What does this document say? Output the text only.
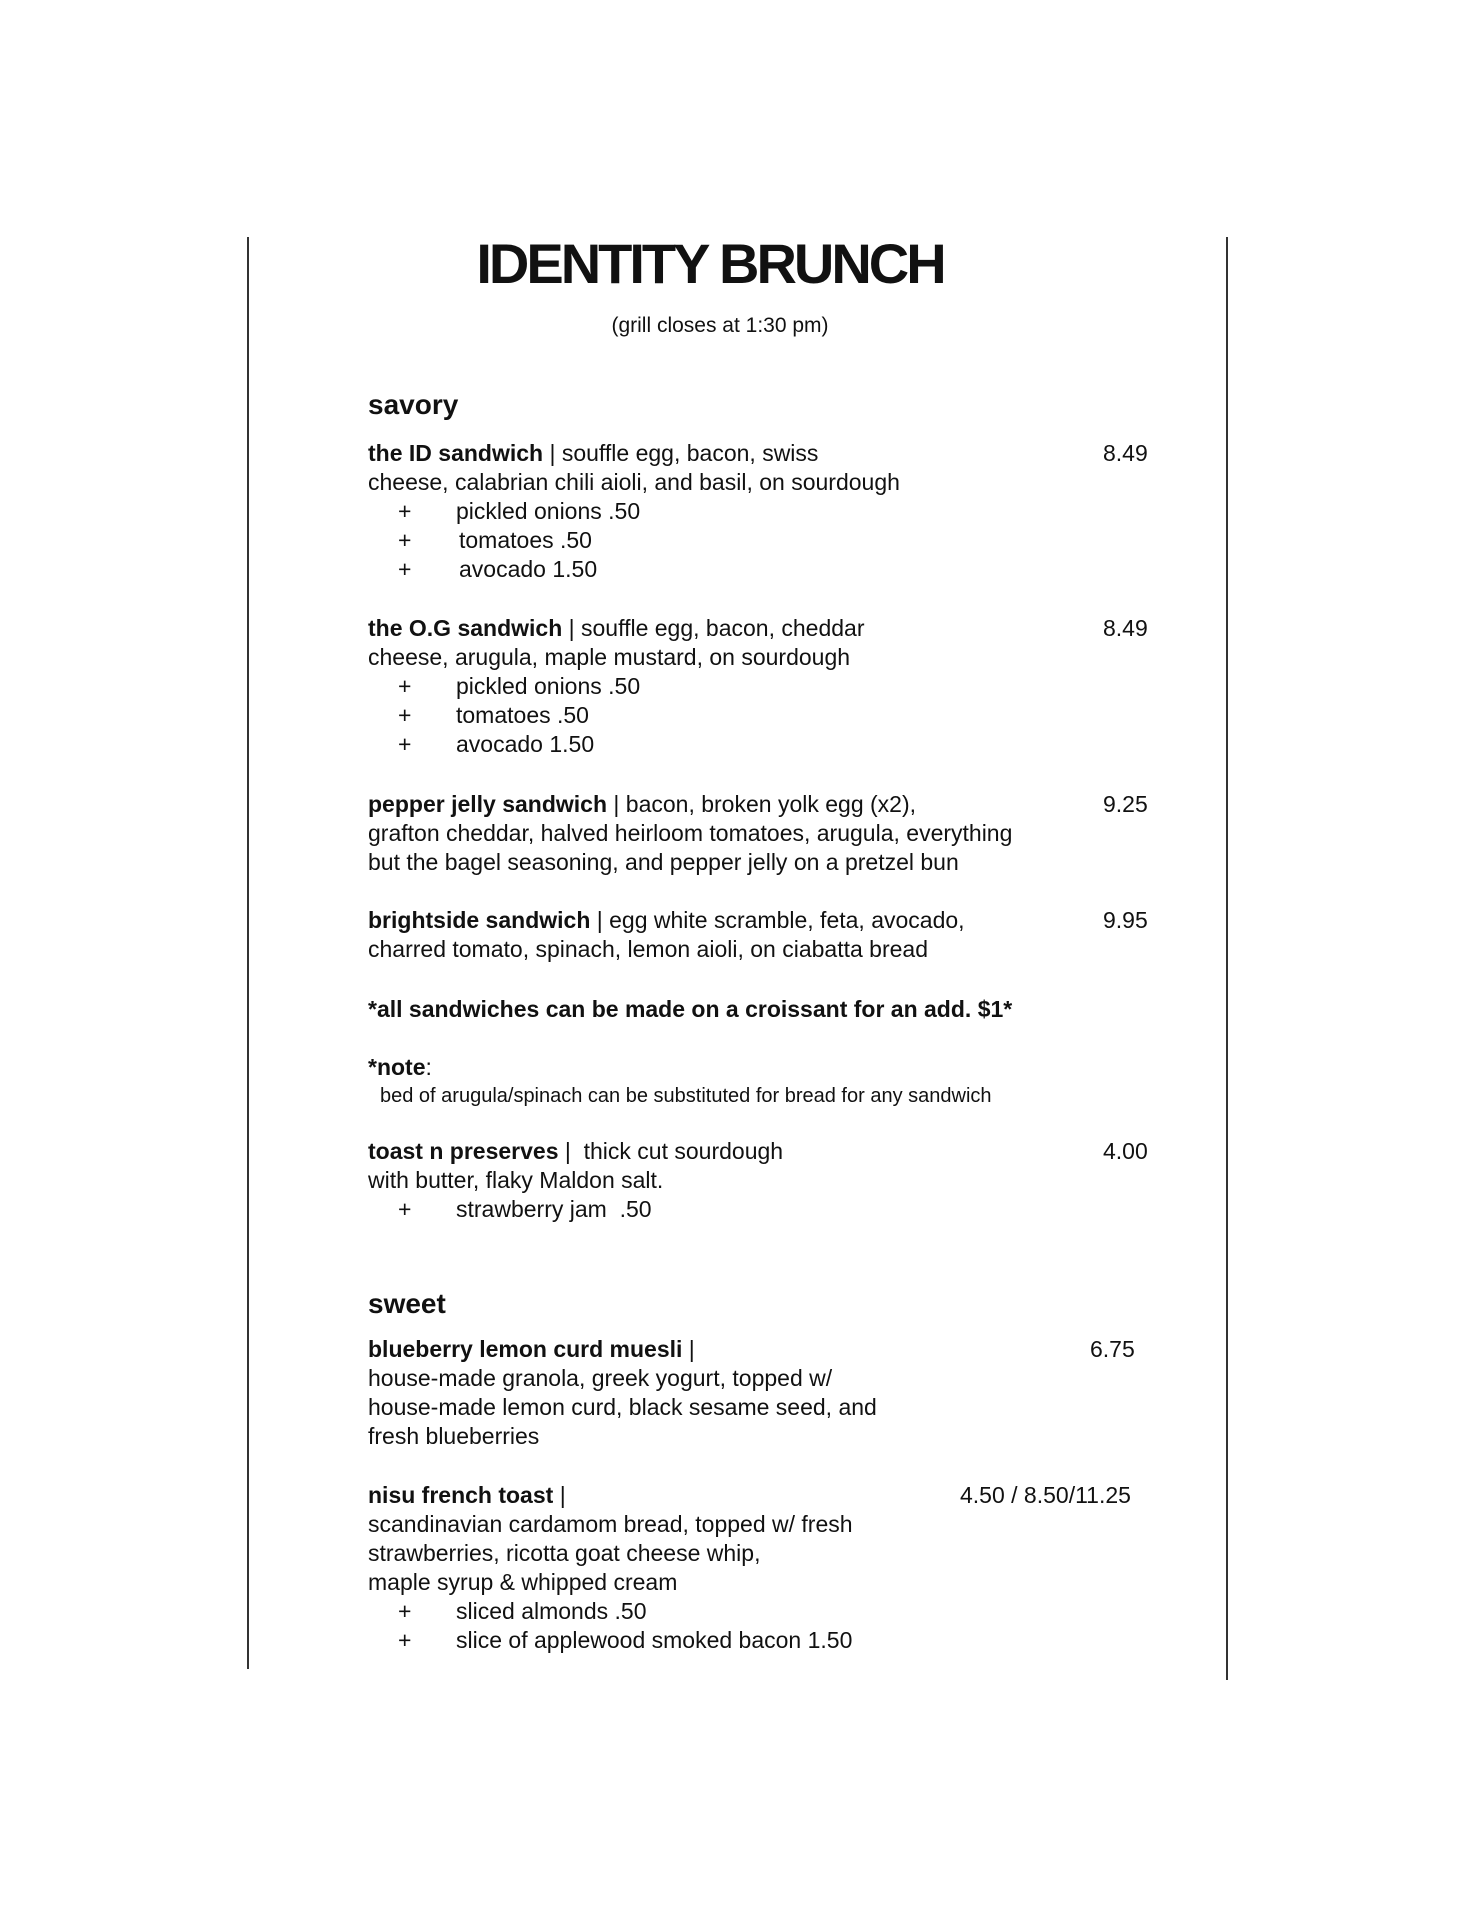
IDENTITY BRUNCH
(grill closes at 1:30 pm)
savory
the ID sandwich | souffle egg, bacon, swiss
cheese, calabrian chili aioli, and basil, on sourdough
+ pickled onions .50
+ tomatoes .50
+ avocado 1.50
8.49
the O.G sandwich | souffle egg, bacon, cheddar
cheese, arugula, maple mustard, on sourdough
+ pickled onions .50
+ tomatoes .50
+ avocado 1.50
8.49
pepper jelly sandwich | bacon, broken yolk egg (x2),
grafton cheddar, halved heirloom tomatoes, arugula, everything
but the bagel seasoning, and pepper jelly on a pretzel bun
9.25
brightside sandwich | egg white scramble, feta, avocado,
charred tomato, spinach, lemon aioli, on ciabatta bread
9.95
*all sandwiches can be made on a croissant for an add. $1*
*note:
bed of arugula/spinach can be substituted for bread for any sandwich
toast n preserves |  thick cut sourdough
with butter, flaky Maldon salt.
+ strawberry jam  .50
4.00
sweet
blueberry lemon curd muesli |
house-made granola, greek yogurt, topped w/
house-made lemon curd, black sesame seed, and
fresh blueberries
6.75
nisu french toast |
scandinavian cardamom bread, topped w/ fresh
strawberries, ricotta goat cheese whip,
maple syrup & whipped cream
+ sliced almonds .50
+ slice of applewood smoked bacon 1.50
4.50 / 8.50/11.25
